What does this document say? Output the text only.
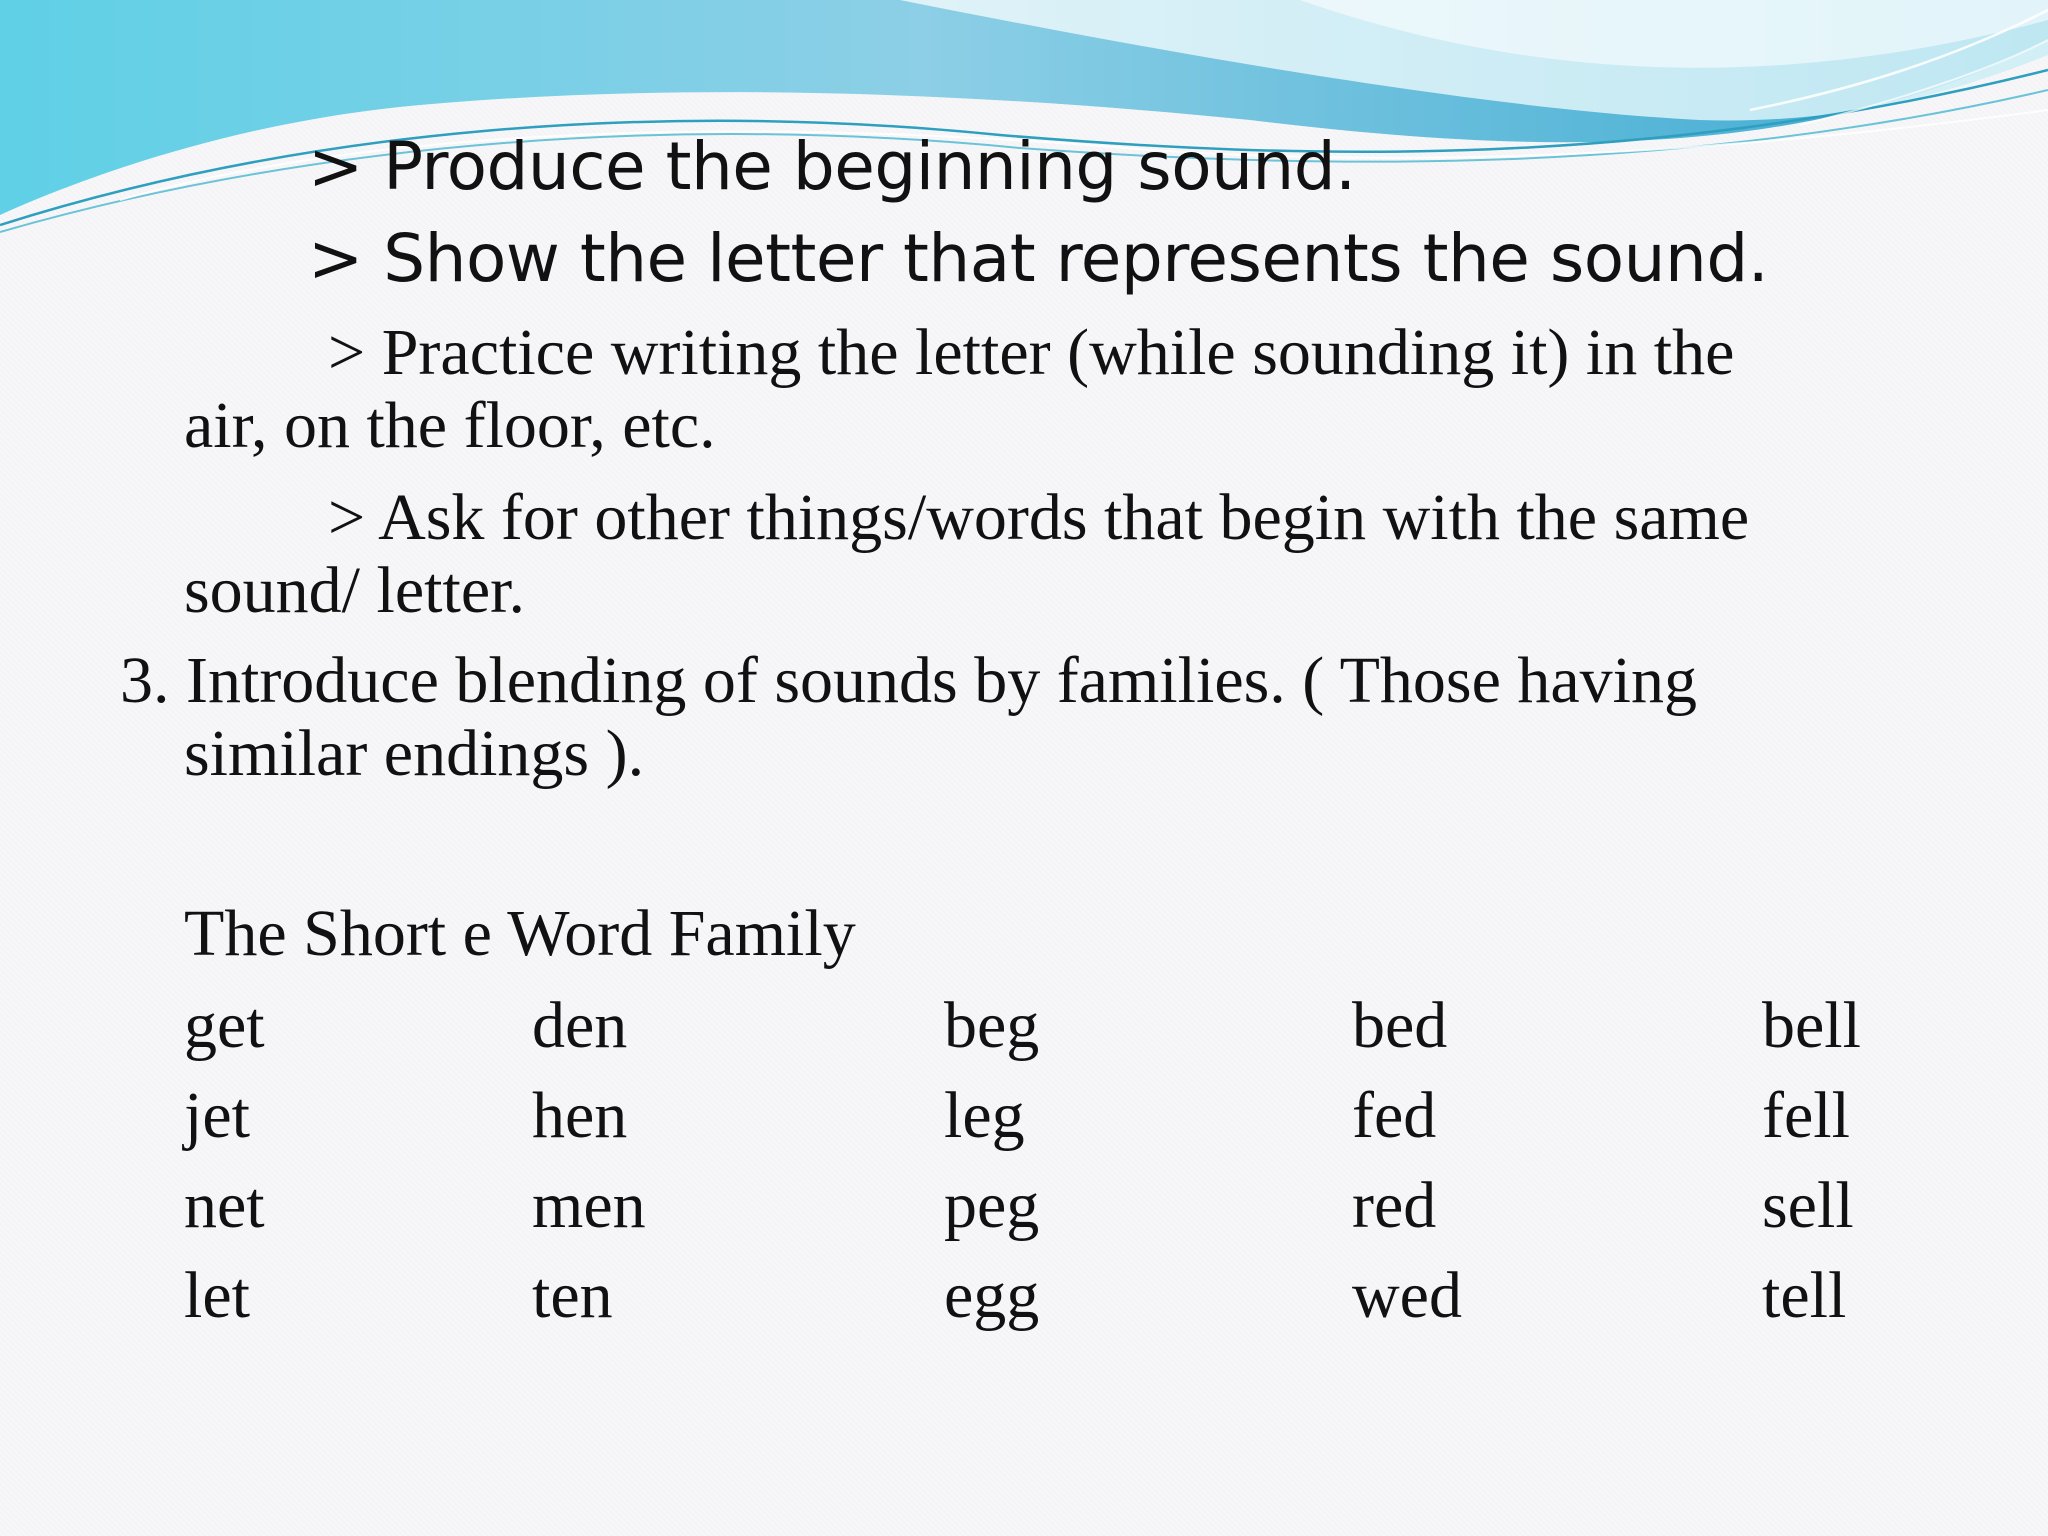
> Produce the beginning sound.
> Show the letter that represents the sound.
> Practice writing the letter (while sounding it) in the
air, on the floor, etc.
> Ask for other things/words that begin with the same
sound/ letter.
3. Introduce blending of sounds by families. ( Those having
similar endings ).
The Short e Word Family
get
jet
net
let
den
hen
men
ten
beg
leg
peg
egg
bed
fed
red
wed
bell
fell
sell
tell
